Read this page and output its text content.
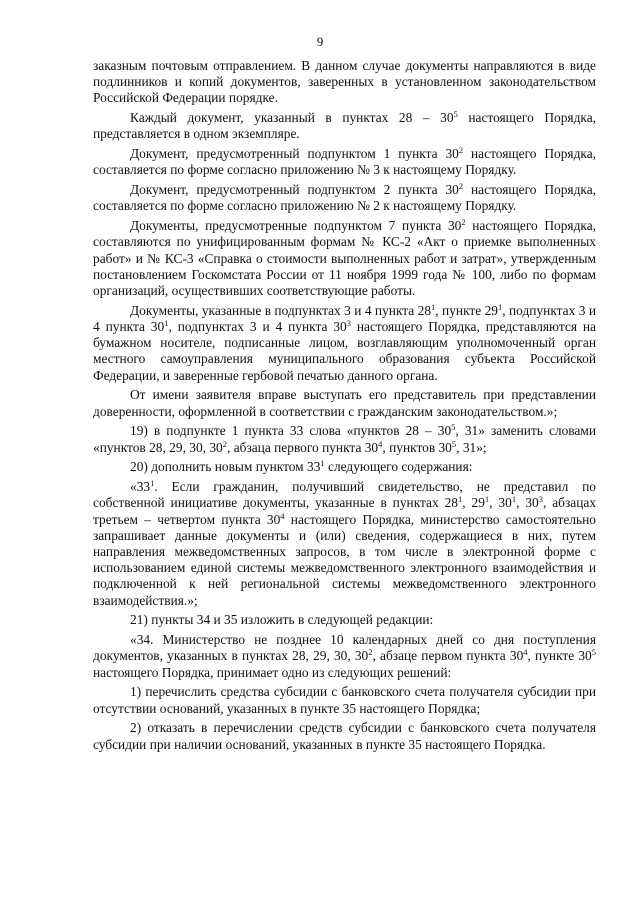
9

заказным почтовым отправлением. В данном случае документы направляются в виде подлинников и копий документов, заверенных в установленном законодательством Российской Федерации порядке.

Каждый документ, указанный в пунктах $28 - 30^5$ настоящего Порядка, представляется в одном экземпляре.

Документ, предусмотренный подпунктом 1 пункта $30^2$ настоящего Порядка, составляется по форме согласно приложению № 3 к настоящему Порядку.

Документ, предусмотренный подпунктом 2 пункта $30^2$ настоящего Порядка, составляется по форме согласно приложению № 2 к настоящему Порядку.

Документы, предусмотренные подпунктом 7 пункта $30^2$ настоящего Порядка, составляются по унифицированным формам № КС-2 «Акт о приемке выполненных работ» и № КС-3 «Справка о стоимости выполненных работ и затрат», утвержденным постановлением Госкомстата России от 11 ноября 1999 года № 100, либо по формам организаций, осуществивших соответствующие работы.

Документы, указанные в подпунктах 3 и 4 пункта $28^1$, пункте $29^1$, подпунктах 3 и 4 пункта $30^1$, подпунктах 3 и 4 пункта $30^3$ настоящего Порядка, представляются на бумажном носителе, подписанные лицом, возглавляющим уполномоченный орган местного самоуправления муниципального образования субъекта Российской Федерации, и заверенные гербовой печатью данного органа.

От имени заявителя вправе выступать его представитель при представлении доверенности, оформленной в соответствии с гражданским законодательством.»;

19) в подпункте 1 пункта 33 слова «пунктов $28 - 30^5$, 31» заменить словами «пунктов 28, 29, 30, $30^2$, абзаца первого пункта $30^4$, пунктов $30^5$, 31»;

20) дополнить новым пунктом $33^1$ следующего содержания:

«$33^1$. Если гражданин, получивший свидетельство, не представил по собственной инициативе документы, указанные в пунктах $28^1$, $29^1$, $30^1$, $30^3$, абзацах третьем – четвертом пункта $30^4$ настоящего Порядка, министерство самостоятельно запрашивает данные документы и (или) сведения, содержащиеся в них, путем направления межведомственных запросов, в том числе в электронной форме с использованием единой системы межведомственного электронного взаимодействия и подключенной к ней региональной системы межведомственного электронного взаимодействия.»;

21) пункты 34 и 35 изложить в следующей редакции:

«34. Министерство не позднее 10 календарных дней со дня поступления документов, указанных в пунктах 28, 29, 30, $30^2$, абзаце первом пункта $30^4$, пункте $30^5$ настоящего Порядка, принимает одно из следующих решений:

1) перечислить средства субсидии с банковского счета получателя субсидии при отсутствии оснований, указанных в пункте 35 настоящего Порядка;

2) отказать в перечислении средств субсидии с банковского счета получателя субсидии при наличии оснований, указанных в пункте 35 настоящего Порядка.
